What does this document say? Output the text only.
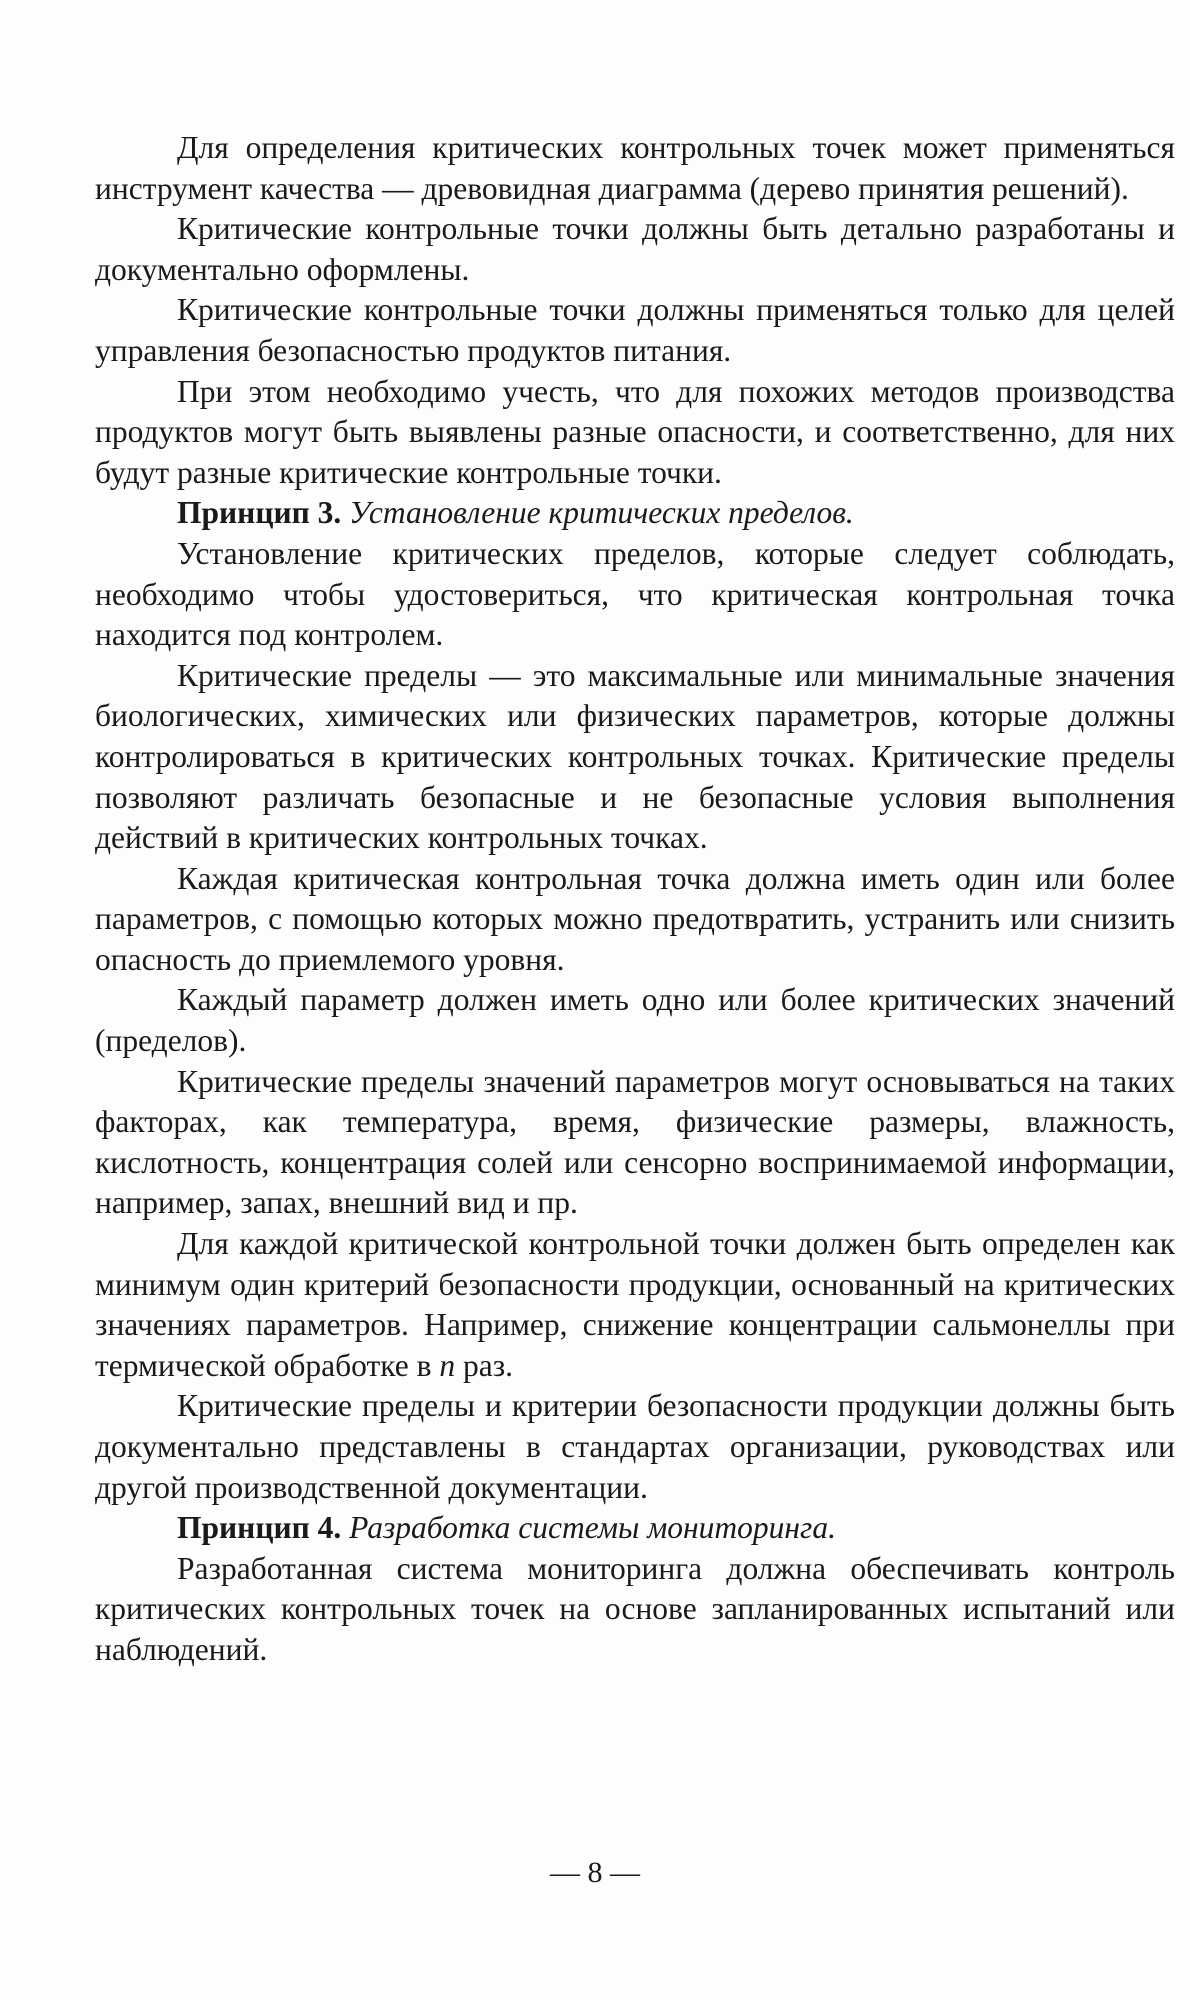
Для определения критических контрольных точек может применяться инструмент качества — древовидная диаграмма (дерево принятия решений).

Критические контрольные точки должны быть детально разработаны и документально оформлены.

Критические контрольные точки должны применяться только для целей управления безопасностью продуктов питания.

При этом необходимо учесть, что для похожих методов производства продуктов могут быть выявлены разные опасности, и соответственно, для них будут разные критические контрольные точки.

Принцип 3. Установление критических пределов.

Установление критических пределов, которые следует соблюдать, необходимо чтобы удостовериться, что критическая контрольная точка находится под контролем.

Критические пределы — это максимальные или минимальные значения биологических, химических или физических параметров, которые должны контролироваться в критических контрольных точках. Критические пределы позволяют различать безопасные и не безопасные условия выполнения действий в критических контрольных точках.

Каждая критическая контрольная точка должна иметь один или более параметров, с помощью которых можно предотвратить, устранить или снизить опасность до приемлемого уровня.

Каждый параметр должен иметь одно или более критических значений (пределов).

Критические пределы значений параметров могут основываться на таких факторах, как температура, время, физические размеры, влажность, кислотность, концентрация солей или сенсорно воспринимаемой информации, например, запах, внешний вид и пр.

Для каждой критической контрольной точки должен быть определен как минимум один критерий безопасности продукции, основанный на критических значениях параметров. Например, снижение концентрации сальмонеллы при термической обработке в n раз.

Критические пределы и критерии безопасности продукции должны быть документально представлены в стандартах организации, руководствах или другой производственной документации.

Принцип 4. Разработка системы мониторинга.

Разработанная система мониторинга должна обеспечивать контроль критических контрольных точек на основе запланированных испытаний или наблюдений.

— 8 —
